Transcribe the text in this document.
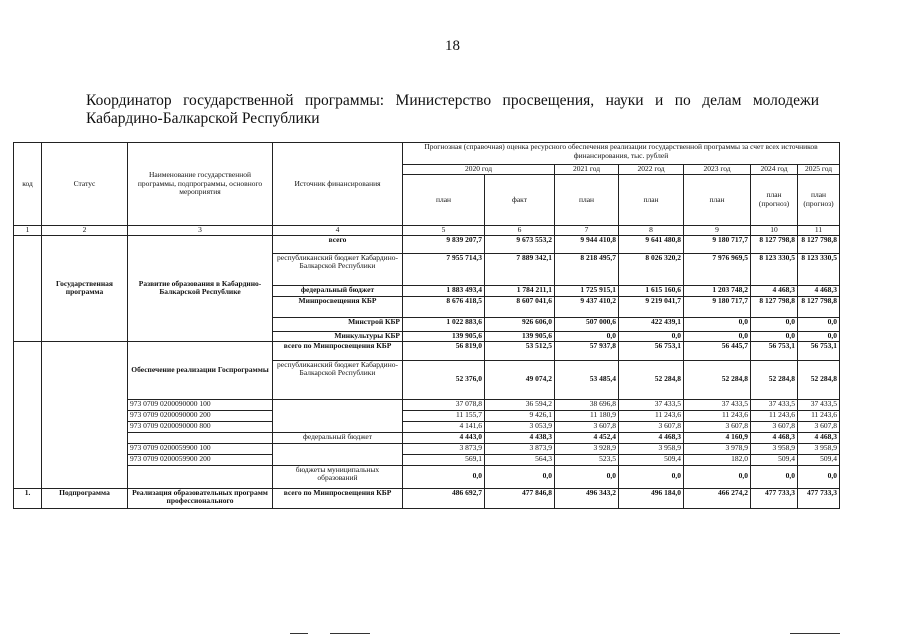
18
Координатор государственной программы: Министерство просвещения, науки и по делам молодежи Кабардино-Балкарской Республики
код	Статус	Наименование государственной программы, подпрограммы, основного мероприятия	Источник финансирования	Прогнозная (справочная) оценка ресурсного обеспечения реализации государственной программы за счет всех источников финансирования, тыс. рублей						
				2020 год		2021 год	2022 год	2023 год	2024 год	2025 год
				план	факт	план	план	план	план (прогноз)	план (прогноз)
1	2	3	4	5	6	7	8	9	10	11
	Государственная программа	Развитие образования в Кабардино-Балкарской Республике	всего	9 839 207,7	9 673 553,2	9 944 410,8	9 641 480,8	9 180 717,7	8 127 798,8	8 127 798,8
			республиканский бюджет Кабардино-Балкарской Республики	7 955 714,3	7 889 342,1	8 218 495,7	8 026 320,2	7 976 969,5	8 123 330,5	8 123 330,5
			федеральный бюджет	1 883 493,4	1 784 211,1	1 725 915,1	1 615 160,6	1 203 748,2	4 468,3	4 468,3
			Минпросвещения КБР	8 676 418,5	8 607 041,6	9 437 410,2	9 219 041,7	9 180 717,7	8 127 798,8	8 127 798,8
			Минстрой КБР	1 022 883,6	926 606,0	507 000,6	422 439,1	0,0	0,0	0,0
			Минкультуры КБР	139 905,6	139 905,6	0,0	0,0	0,0	0,0	0,0
		Обеспечение реализации Госпрограммы	всего по Минпросвещения КБР	56 819,0	53 512,5	57 937,8	56 753,1	56 445,7	56 753,1	56 753,1
			республиканский бюджет Кабардино-Балкарской Республики	52 376,0	49 074,2	53 485,4	52 284,8	52 284,8	52 284,8	52 284,8
		973 0709 0200090000 100		37 078,8	36 594,2	38 696,8	37 433,5	37 433,5	37 433,5	37 433,5
		973 0709 0200090000 200		11 155,7	9 426,1	11 180,9	11 243,6	11 243,6	11 243,6	11 243,6
		973 0709 0200090000 800		4 141,6	3 053,9	3 607,8	3 607,8	3 607,8	3 607,8	3 607,8
			федеральный бюджет	4 443,0	4 438,3	4 452,4	4 468,3	4 160,9	4 468,3	4 468,3
		973 0709 0200059900 100		3 873,9	3 873,9	3 928,9	3 958,9	3 978,9	3 958,9	3 958,9
		973 0709 0200059900 200		569,1	564,3	523,5	509,4	182,0	509,4	509,4
			бюджеты муниципальных образований	0,0	0,0	0,0	0,0	0,0	0,0	0,0
1.	Подпрограмма	Реализация образовательных программ профессионального	всего по Минпросвещения КБР	486 692,7	477 846,8	496 343,2	496 184,0	466 274,2	477 733,3	477 733,3
